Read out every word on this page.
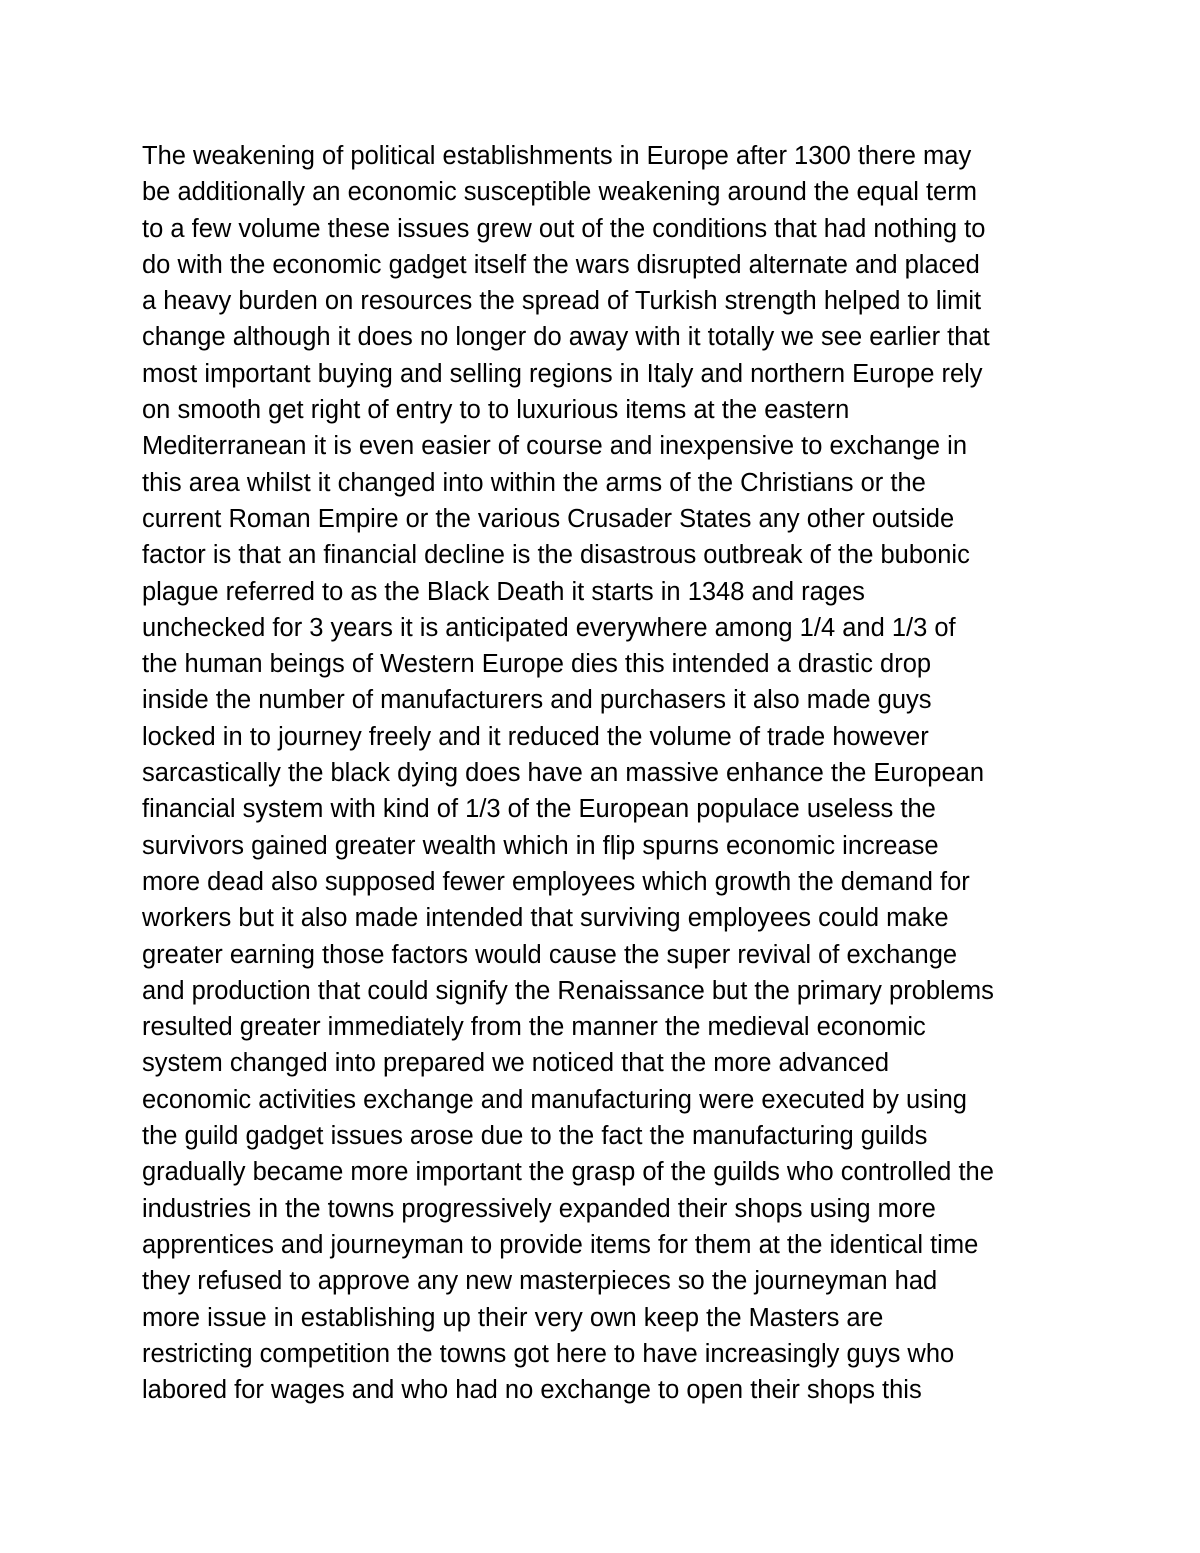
The weakening of political establishments in Europe after 1300 there may
be additionally an economic susceptible weakening around the equal term
to a few volume these issues grew out of the conditions that had nothing to
do with the economic gadget itself the wars disrupted alternate and placed
a heavy burden on resources the spread of Turkish strength helped to limit
change although it does no longer do away with it totally we see earlier that
most important buying and selling regions in Italy and northern Europe rely
on smooth get right of entry to to luxurious items at the eastern
Mediterranean it is even easier of course and inexpensive to exchange in
this area whilst it changed into within the arms of the Christians or the
current Roman Empire or the various Crusader States any other outside
factor is that an financial decline is the disastrous outbreak of the bubonic
plague referred to as the Black Death it starts in 1348 and rages
unchecked for 3 years it is anticipated everywhere among 1/4 and 1/3 of
the human beings of Western Europe dies this intended a drastic drop
inside the number of manufacturers and purchasers it also made guys
locked in to journey freely and it reduced the volume of trade however
sarcastically the black dying does have an massive enhance the European
financial system with kind of 1/3 of the European populace useless the
survivors gained greater wealth which in flip spurns economic increase
more dead also supposed fewer employees which growth the demand for
workers but it also made intended that surviving employees could make
greater earning those factors would cause the super revival of exchange
and production that could signify the Renaissance but the primary problems
resulted greater immediately from the manner the medieval economic
system changed into prepared we noticed that the more advanced
economic activities exchange and manufacturing were executed by using
the guild gadget issues arose due to the fact the manufacturing guilds
gradually became more important the grasp of the guilds who controlled the
industries in the towns progressively expanded their shops using more
apprentices and journeyman to provide items for them at the identical time
they refused to approve any new masterpieces so the journeyman had
more issue in establishing up their very own keep the Masters are
restricting competition the towns got here to have increasingly guys who
labored for wages and who had no exchange to open their shops this
